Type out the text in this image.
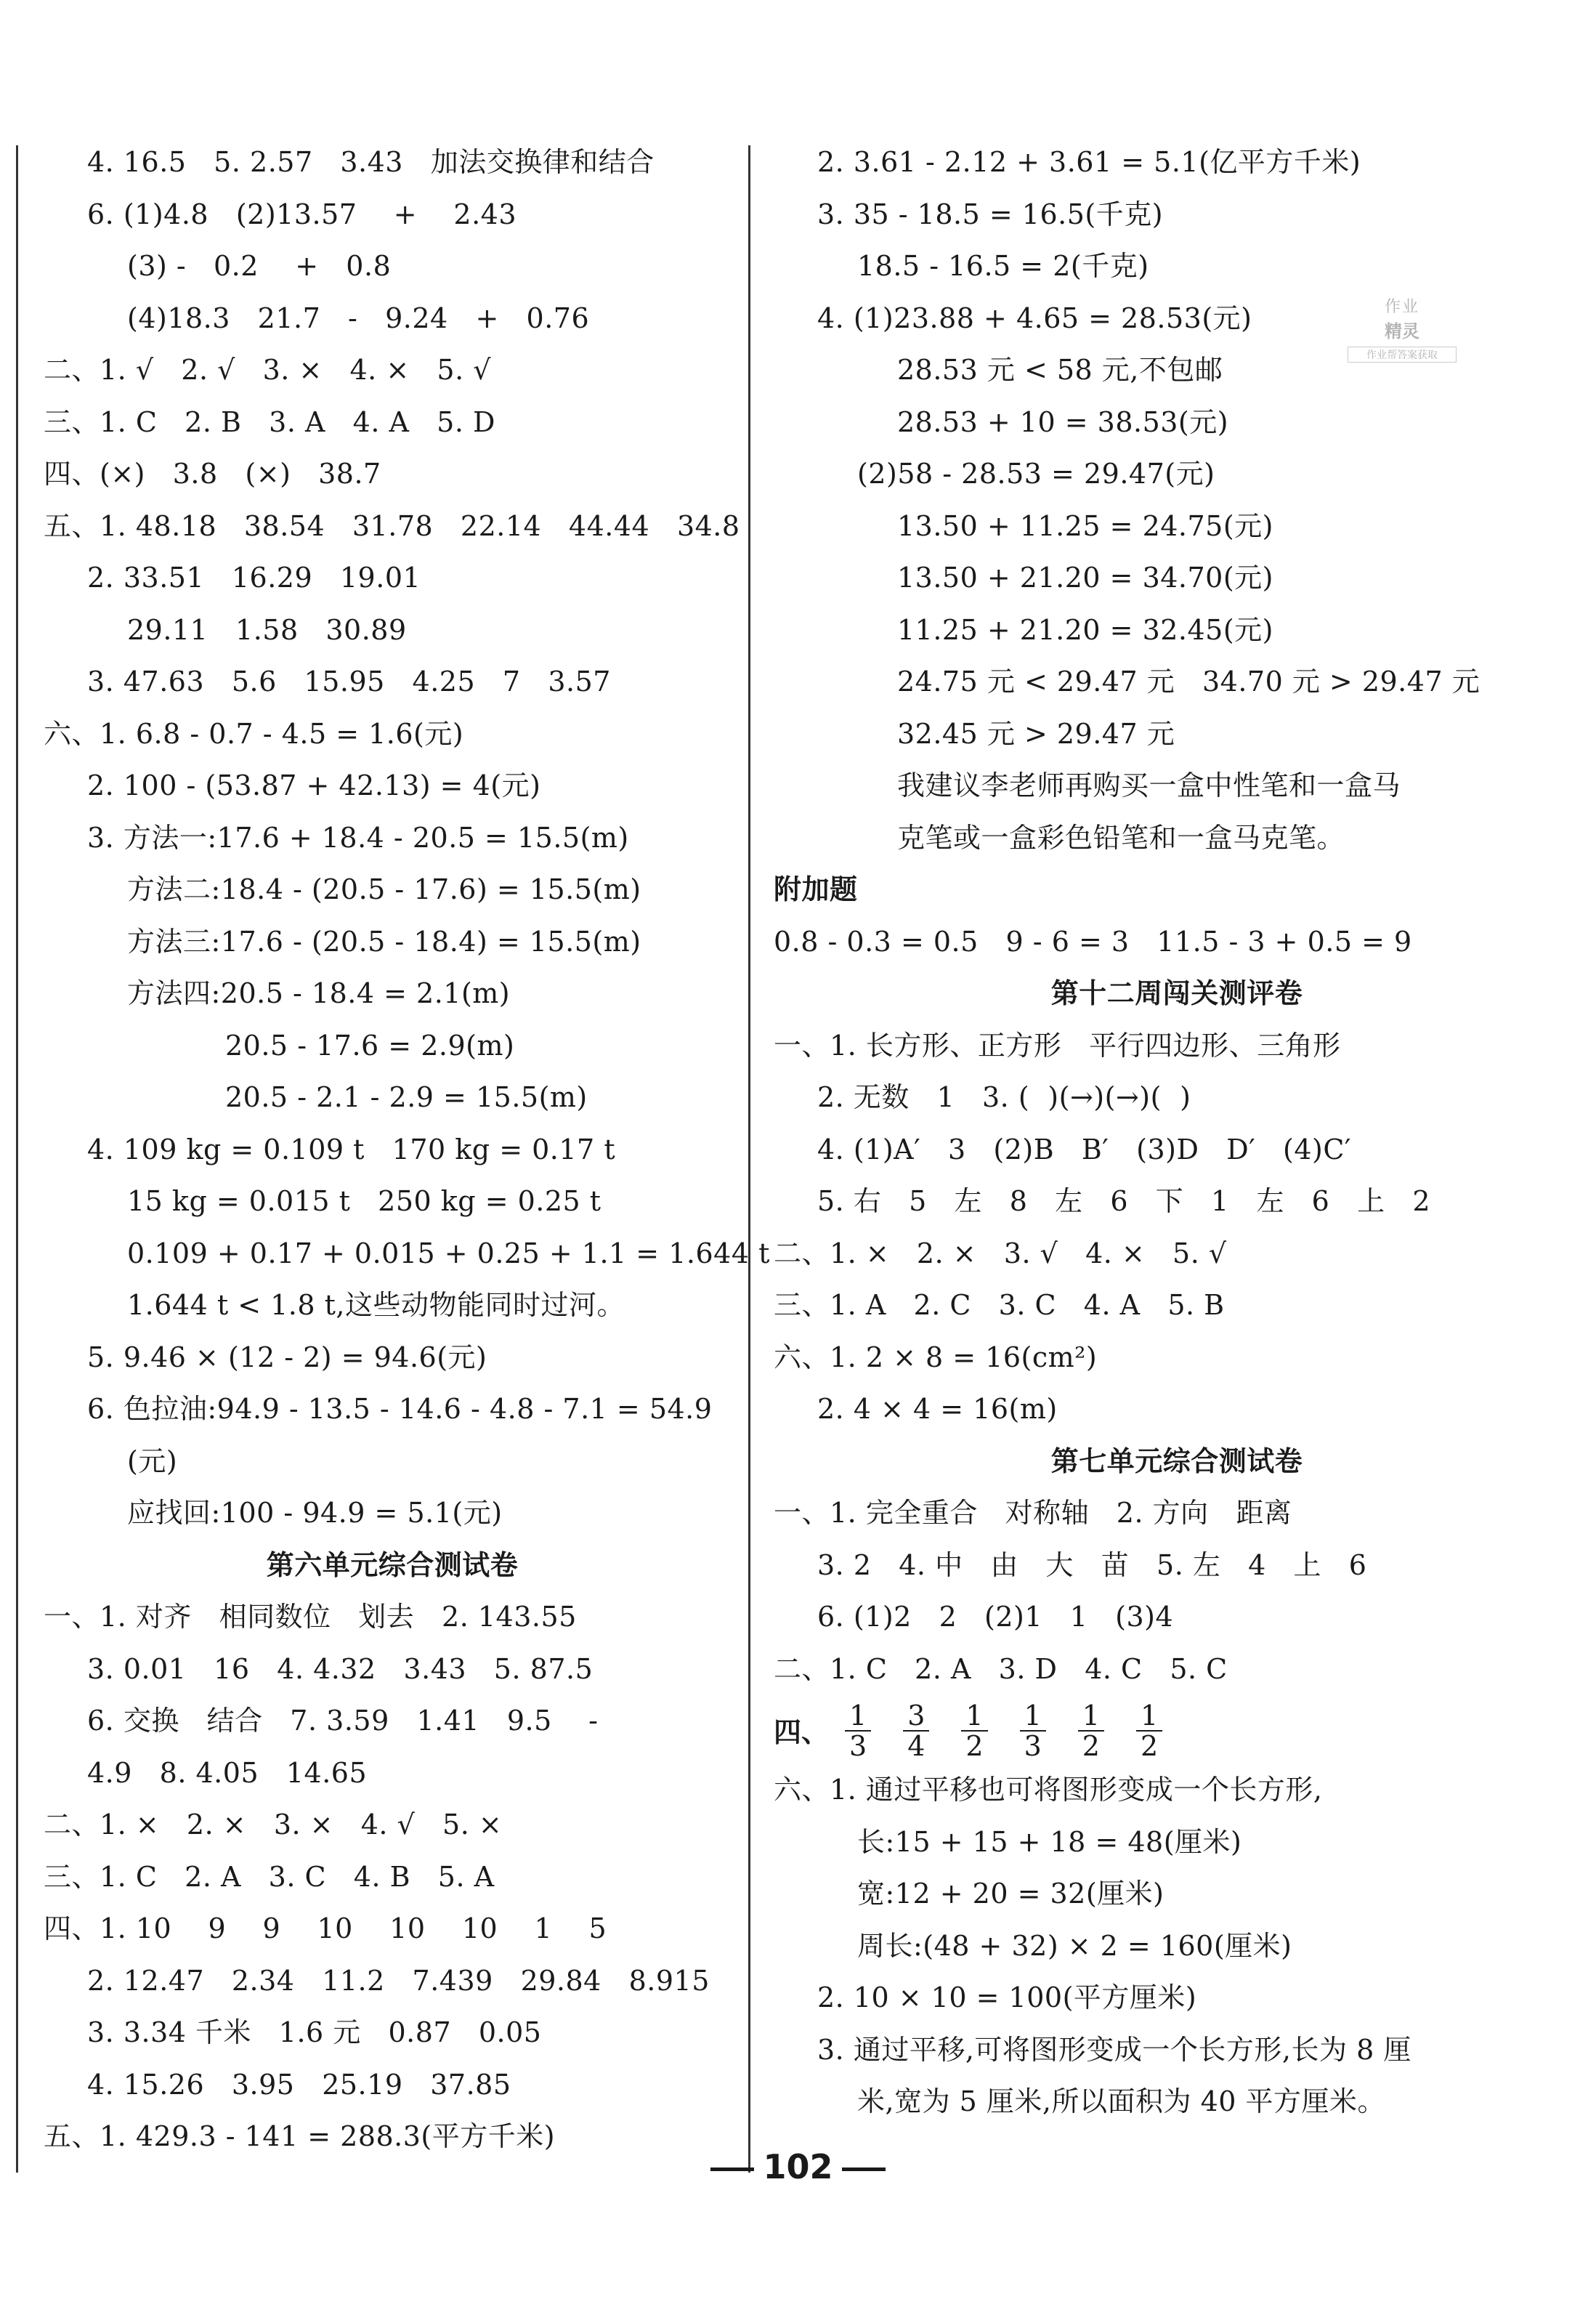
4. 16.5   5. 2.57   3.43   加法交换律和结合
6. (1)4.8   (2)13.57    +    2.43
(3) -   0.2    +   0.8
(4)18.3   21.7   -   9.24   +   0.76
二、1. √   2. √   3. ×   4. ×   5. √
三、1. C   2. B   3. A   4. A   5. D
四、(×)   3.8   (×)   38.7
五、1. 48.18   38.54   31.78   22.14   44.44   34.8
2. 33.51   16.29   19.01
29.11   1.58   30.89
3. 47.63   5.6   15.95   4.25   7   3.57
六、1. 6.8 - 0.7 - 4.5 = 1.6(元)
2. 100 - (53.87 + 42.13) = 4(元)
3. 方法一:17.6 + 18.4 - 20.5 = 15.5(m)
方法二:18.4 - (20.5 - 17.6) = 15.5(m)
方法三:17.6 - (20.5 - 18.4) = 15.5(m)
方法四:20.5 - 18.4 = 2.1(m)
20.5 - 17.6 = 2.9(m)
20.5 - 2.1 - 2.9 = 15.5(m)
4. 109 kg = 0.109 t   170 kg = 0.17 t
15 kg = 0.015 t   250 kg = 0.25 t
0.109 + 0.17 + 0.015 + 0.25 + 1.1 = 1.644 t
1.644 t < 1.8 t,这些动物能同时过河。
5. 9.46 × (12 - 2) = 94.6(元)
6. 色拉油:94.9 - 13.5 - 14.6 - 4.8 - 7.1 = 54.9
(元)
应找回:100 - 94.9 = 5.1(元)
第六单元综合测试卷
一、1. 对齐   相同数位   划去   2. 143.55
3. 0.01   16   4. 4.32   3.43   5. 87.5
6. 交换   结合   7. 3.59   1.41   9.5    -
4.9   8. 4.05   14.65
二、1. ×   2. ×   3. ×   4. √   5. ×
三、1. C   2. A   3. C   4. B   5. A
四、1. 10    9    9    10    10    10    1    5
2. 12.47   2.34   11.2   7.439   29.84   8.915
3. 3.34 千米   1.6 元   0.87   0.05
4. 15.26   3.95   25.19   37.85
五、1. 429.3 - 141 = 288.3(平方千米)
2. 3.61 - 2.12 + 3.61 = 5.1(亿平方千米)
3. 35 - 18.5 = 16.5(千克)
18.5 - 16.5 = 2(千克)
4. (1)23.88 + 4.65 = 28.53(元)
28.53 元 < 58 元,不包邮
28.53 + 10 = 38.53(元)
(2)58 - 28.53 = 29.47(元)
13.50 + 11.25 = 24.75(元)
13.50 + 21.20 = 34.70(元)
11.25 + 21.20 = 32.45(元)
24.75 元 < 29.47 元   34.70 元 > 29.47 元
32.45 元 > 29.47 元
我建议李老师再购买一盒中性笔和一盒马
克笔或一盒彩色铅笔和一盒马克笔。
附加题
0.8 - 0.3 = 0.5   9 - 6 = 3   11.5 - 3 + 0.5 = 9
第十二周闯关测评卷
一、1. 长方形、正方形   平行四边形、三角形
2. 无数   1   3. (  )(→)(→)(  )
4. (1)A′   3   (2)B   B′   (3)D   D′   (4)C′
5. 右   5   左   8   左   6   下   1   左   6   上   2
二、1. ×   2. ×   3. √   4. ×   5. √
三、1. A   2. C   3. C   4. A   5. B
六、1. 2 × 8 = 16(cm²)
2. 4 × 4 = 16(m)
第七单元综合测试卷
一、1. 完全重合   对称轴   2. 方向   距离
3. 2   4. 中   由   大   苗   5. 左   4   上   6
6. (1)2   2   (2)1   1   (3)4
二、1. C   2. A   3. D   4. C   5. C
四、 $\frac{1}{3} \frac{3}{4} \frac{1}{2} \frac{1}{3} \frac{1}{2} \frac{1}{2}$
六、1. 通过平移也可将图形变成一个长方形,
长:15 + 15 + 18 = 48(厘米)
宽:12 + 20 = 32(厘米)
周长:(48 + 32) × 2 = 160(厘米)
2. 10 × 10 = 100(平方厘米)
3. 通过平移,可将图形变成一个长方形,长为 8 厘
米,宽为 5 厘米,所以面积为 40 平方厘米。
作业
精灵
作业帮答案获取
102
